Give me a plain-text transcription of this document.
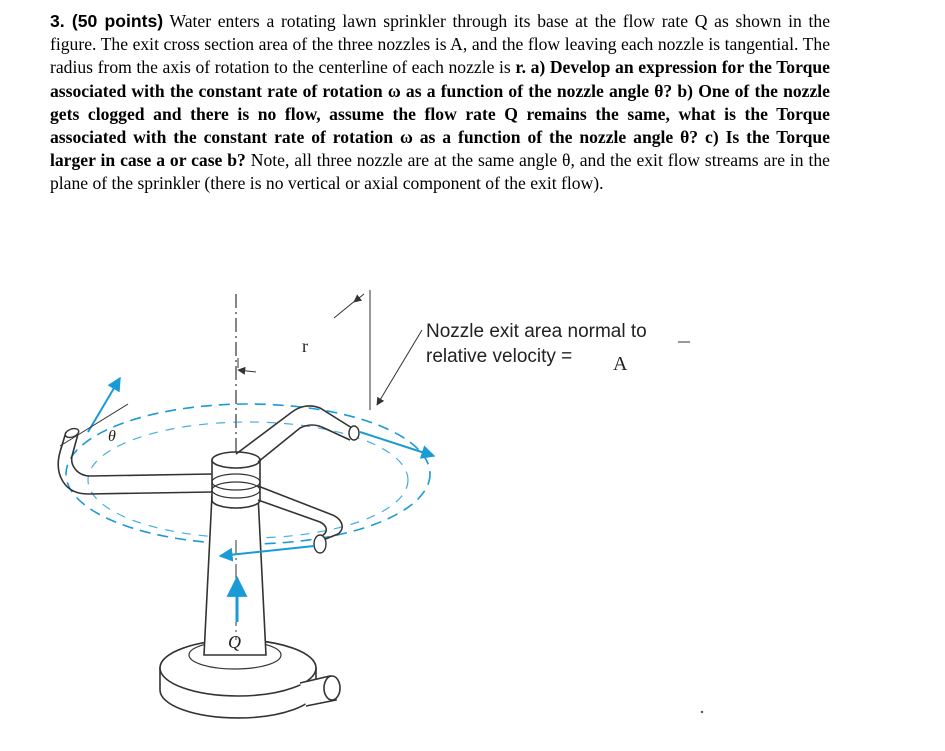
3. (50 points) Water enters a rotating lawn sprinkler through its base at the flow rate Q as shown in the figure. The exit cross section area of the three nozzles is A, and the flow leaving each nozzle is tangential. The radius from the axis of rotation to the centerline of each nozzle is r. a) Develop an expression for the Torque associated with the constant rate of rotation ω as a function of the nozzle angle θ? b) One of the nozzle gets clogged and there is no flow, assume the flow rate Q remains the same, what is the Torque associated with the constant rate of rotation ω as a function of the nozzle angle θ? c) Is the Torque larger in case a or case b? Note, all three nozzle are at the same angle θ, and the exit flow streams are in the plane of the sprinkler (there is no vertical or axial component of the exit flow).

r
Nozzle exit area normal to
relative velocity = A
Q
θ
